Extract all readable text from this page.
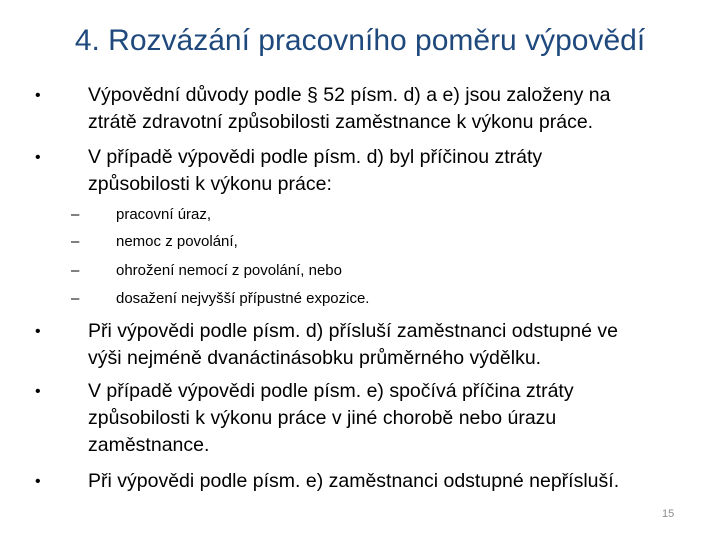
4. Rozvázání pracovního poměru výpovědí
• Výpovědní důvody podle § 52 písm. d) a e) jsou založeny na
ztrátě zdravotní způsobilosti zaměstnance k výkonu práce.
• V případě výpovědi podle písm. d) byl příčinou ztráty
způsobilosti k výkonu práce:
– pracovní úraz,
– nemoc z povolání,
– ohrožení nemocí z povolání, nebo
– dosažení nejvyšší přípustné expozice.
• Při výpovědi podle písm. d) přísluší zaměstnanci odstupné ve
výši nejméně dvanáctinásobku průměrného výdělku.
• V případě výpovědi podle písm. e) spočívá příčina ztráty
způsobilosti k výkonu práce v jiné chorobě nebo úrazu
zaměstnance.
• Při výpovědi podle písm. e) zaměstnanci odstupné nepřísluší.
15
